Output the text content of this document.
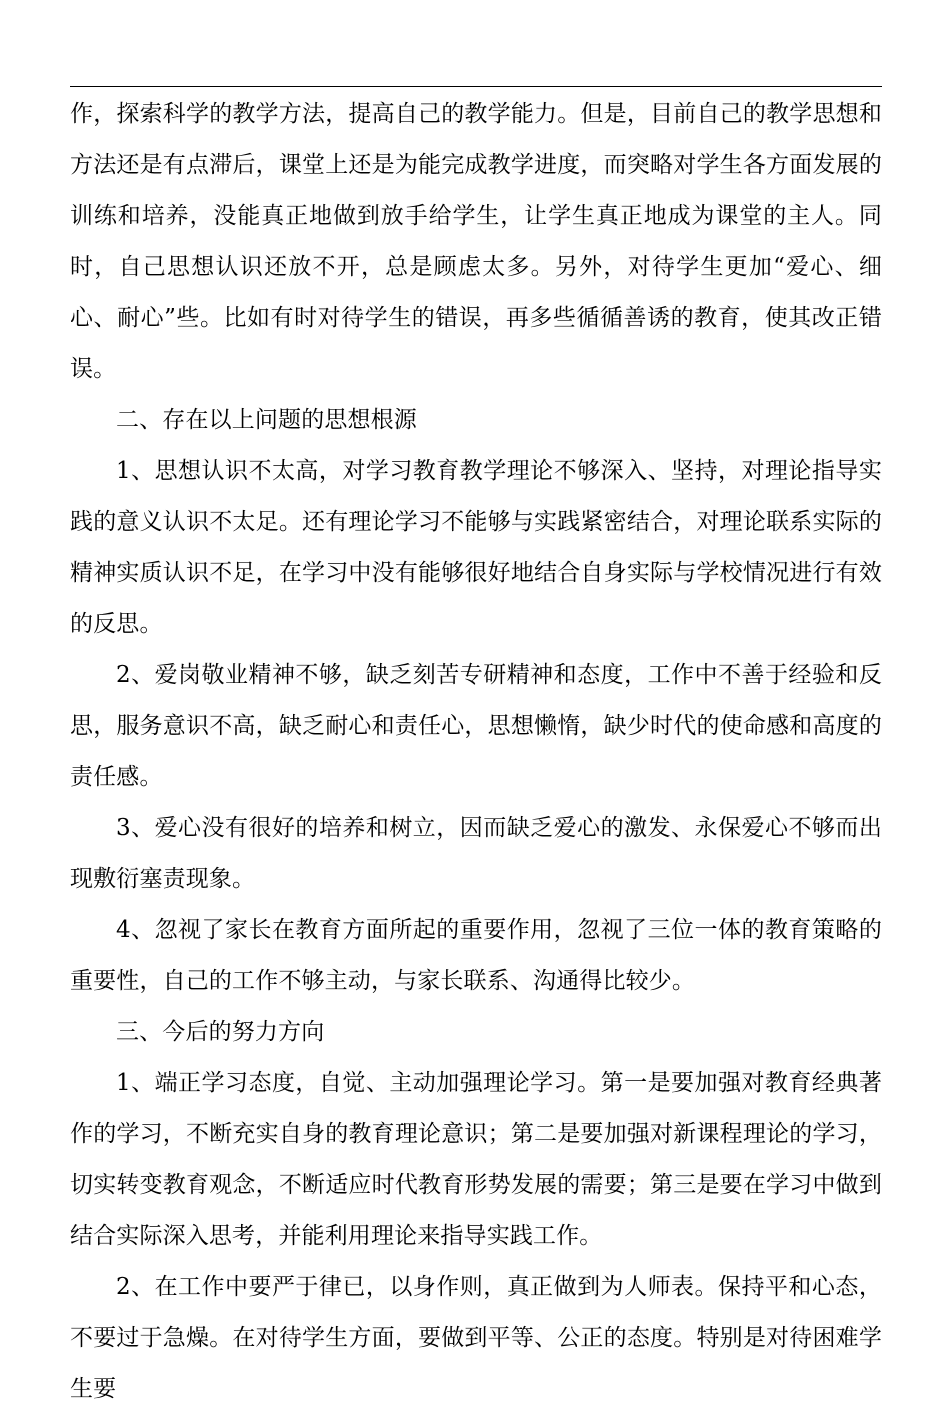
作，探索科学的教学方法，提高自己的教学能力。但是，目前自己的教学思想和方法还是有点滞后，课堂上还是为能完成教学进度，而突略对学生各方面发展的训练和培养，没能真正地做到放手给学生，让学生真正地成为课堂的主人。同时，自己思想认识还放不开，总是顾虑太多。另外，对待学生更加“爱心、细心、耐心”些。比如有时对待学生的错误，再多些循循善诱的教育，使其改正错误。

二、存在以上问题的思想根源

1、思想认识不太高，对学习教育教学理论不够深入、坚持，对理论指导实践的意义认识不太足。还有理论学习不能够与实践紧密结合，对理论联系实际的精神实质认识不足，在学习中没有能够很好地结合自身实际与学校情况进行有效的反思。

2、爱岗敬业精神不够，缺乏刻苦专研精神和态度，工作中不善于经验和反思，服务意识不高，缺乏耐心和责任心，思想懒惰，缺少时代的使命感和高度的责任感。

3、爱心没有很好的培养和树立，因而缺乏爱心的激发、永保爱心不够而出现敷衍塞责现象。

4、忽视了家长在教育方面所起的重要作用，忽视了三位一体的教育策略的重要性，自己的工作不够主动，与家长联系、沟通得比较少。

三、今后的努力方向

1、端正学习态度，自觉、主动加强理论学习。第一是要加强对教育经典著作的学习，不断充实自身的教育理论意识；第二是要加强对新课程理论的学习，切实转变教育观念，不断适应时代教育形势发展的需要；第三是要在学习中做到结合实际深入思考，并能利用理论来指导实践工作。

2、在工作中要严于律已，以身作则，真正做到为人师表。保持平和心态，不要过于急燥。在对待学生方面，要做到平等、公正的态度。特别是对待困难学生要
